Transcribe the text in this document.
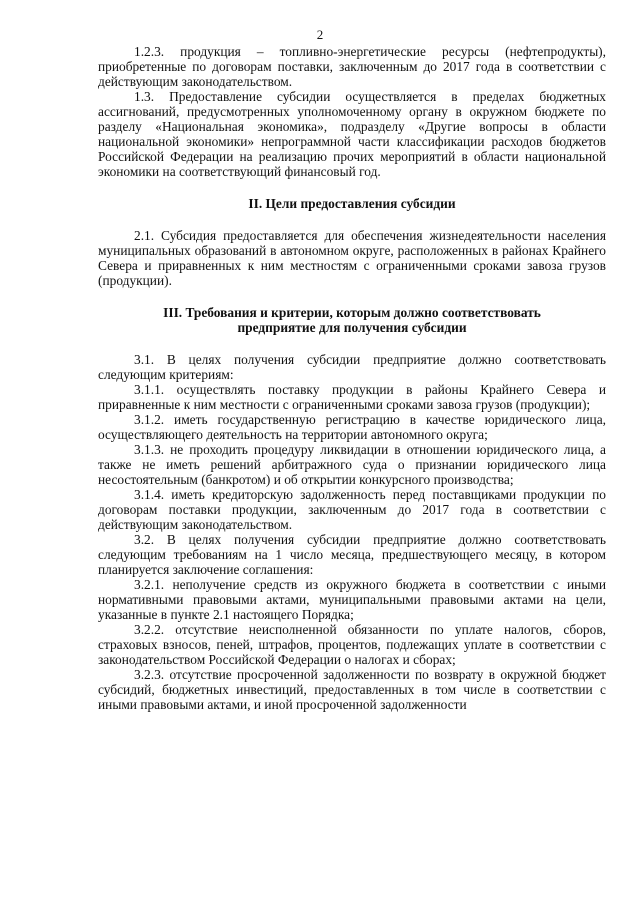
2

1.2.3. продукция – топливно-энергетические ресурсы (нефтепродукты), приобретенные по договорам поставки, заключенным до 2017 года в соответствии с действующим законодательством.

1.3. Предоставление субсидии осуществляется в пределах бюджетных ассигнований, предусмотренных уполномоченному органу в окружном бюджете по разделу «Национальная экономика», подразделу «Другие вопросы в области национальной экономики» непрограммной части классификации расходов бюджетов Российской Федерации на реализацию прочих мероприятий в области национальной экономики на соответствующий финансовый год.

II. Цели предоставления субсидии

2.1. Субсидия предоставляется для обеспечения жизнедеятельности населения муниципальных образований в автономном округе, расположенных в районах Крайнего Севера и приравненных к ним местностям с ограниченными сроками завоза грузов (продукции).

III. Требования и критерии, которым должно соответствовать

предприятие для получения субсидии

3.1. В целях получения субсидии предприятие должно соответствовать следующим критериям:

3.1.1. осуществлять поставку продукции в районы Крайнего Севера и приравненные к ним местности с ограниченными сроками завоза грузов (продукции);

3.1.2. иметь государственную регистрацию в качестве юридического лица, осуществляющего деятельность на территории автономного округа;

3.1.3. не проходить процедуру ликвидации в отношении юридического лица, а также не иметь решений арбитражного суда о признании юридического лица несостоятельным (банкротом) и об открытии конкурсного производства;

3.1.4. иметь кредиторскую задолженность перед поставщиками продукции по договорам поставки продукции, заключенным до 2017 года в соответствии с действующим законодательством.

3.2. В целях получения субсидии предприятие должно соответствовать следующим требованиям на 1 число месяца, предшествующего месяцу, в котором планируется заключение соглашения:

3.2.1. неполучение средств из окружного бюджета в соответствии с иными нормативными правовыми актами, муниципальными правовыми актами на цели, указанные в пункте 2.1 настоящего Порядка;

3.2.2. отсутствие неисполненной обязанности по уплате налогов, сборов, страховых взносов, пеней, штрафов, процентов, подлежащих уплате в соответствии с законодательством Российской Федерации о налогах и сборах;

3.2.3. отсутствие просроченной задолженности по возврату в окружной бюджет субсидий, бюджетных инвестиций, предоставленных в том числе в соответствии с иными правовыми актами, и иной просроченной задолженности
